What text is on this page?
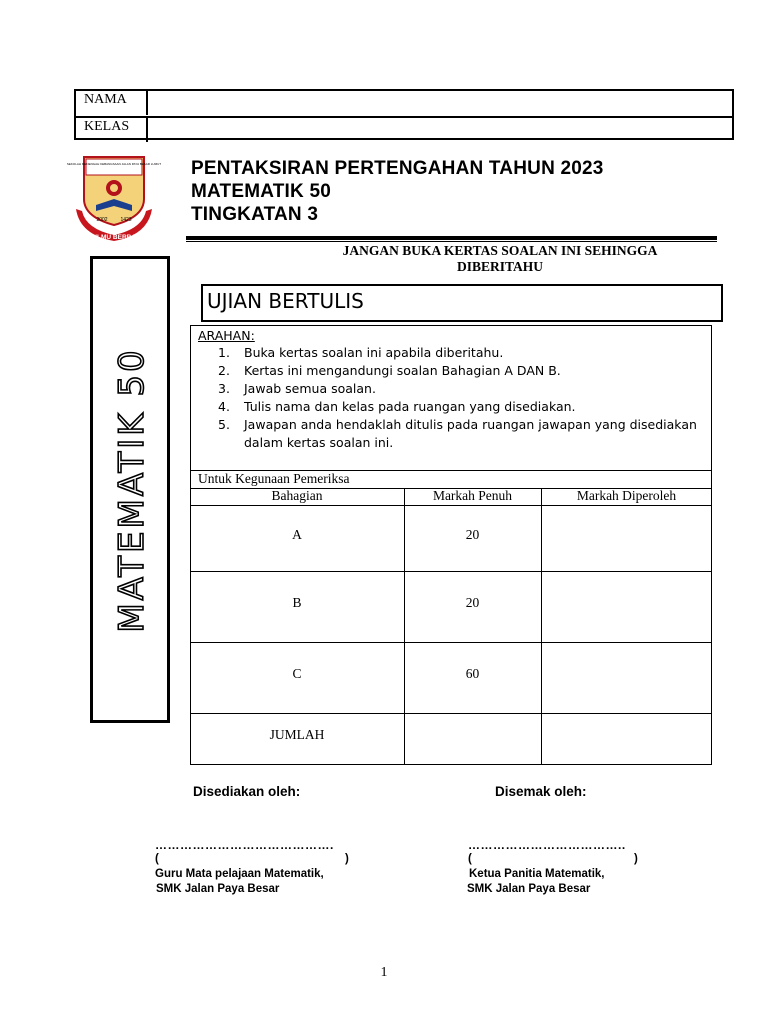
NAMA
KELAS
SEKOLAH MENENGAH KEBANGSAAN JALAN PAYA BESAR LUMUT
2002	1423
BERILMU BERBAKTI
PENTAKSIRAN PERTENGAHAN TAHUN 2023
MATEMATIK 50
TINGKATAN 3
JANGAN BUKA KERTAS SOALAN INI SEHINGGA
DIBERITAHU
MATEMATIK 50
UJIAN BERTULIS
ARAHAN:
1. Buka kertas soalan ini apabila diberitahu.
2. Kertas ini mengandungi soalan Bahagian A DAN B.
3. Jawab semua soalan.
4. Tulis nama dan kelas pada ruangan yang disediakan.
5. Jawapan anda hendaklah ditulis pada ruangan jawapan yang disediakan dalam kertas soalan ini.
Untuk Kegunaan Pemeriksa
Bahagian	Markah Penuh	Markah Diperoleh
A	20
B	20
C	60
JUMLAH
Disediakan oleh:	Disemak oleh:
…………………………………….
(	)
Guru Mata pelajaan Matematik,
SMK Jalan Paya Besar
………………………………..
(	)
Ketua Panitia Matematik,
SMK Jalan Paya Besar
1
